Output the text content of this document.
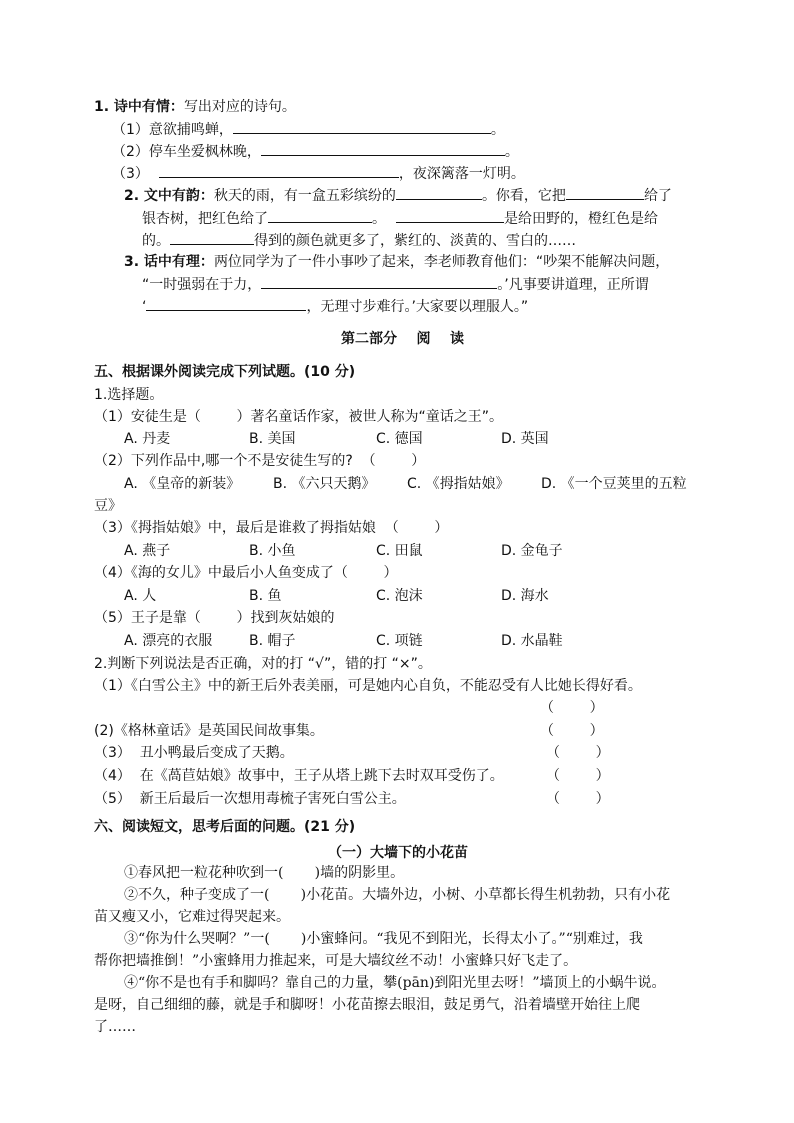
1. 诗中有情：写出对应的诗句。
（1）意欲捕鸣蝉，	。
（2）停车坐爱枫林晚，	。
（3）	，夜深篱落一灯明。
2. 文中有韵：秋天的雨，有一盒五彩缤纷的	。你看，它把	给了
银杏树，把红色给了	。	是给田野的，橙红色是给
的。	得到的颜色就更多了，紫红的、淡黄的、雪白的……
3. 话中有理：两位同学为了一件小事吵了起来，李老师教育他们：“吵架不能解决问题，
“一时强弱在于力，	。’凡事要讲道理，正所谓
‘	，无理寸步难行。’大家要以理服人。”
第二部分    阅    读
五、根据课外阅读完成下列试题。(10 分)
1.选择题。
（1）安徒生是（        ）著名童话作家，被世人称为“童话之王”。
A. 丹麦	B. 美国	C. 德国	D. 英国
（2）下列作品中,哪一个不是安徒生写的?  （        ）
A. 《皇帝的新装》 B. 《六只天鹅》 C. 《拇指姑娘》 D. 《一个豆荚里的五粒
豆》
（3）《拇指姑娘》中，最后是谁救了拇指姑娘  （        ）
A. 燕子	B. 小鱼	C. 田鼠	D. 金龟子
（4）《海的女儿》中最后小人鱼变成了（        ）
A. 人	B. 鱼	C. 泡沫	D. 海水
（5）王子是靠（        ）找到灰姑娘的
A. 漂亮的衣服	B. 帽子	C. 项链	D. 水晶鞋
2.判断下列说法是否正确，对的打 “√”，错的打 “×”。
（1）《白雪公主》中的新王后外表美丽，可是她内心自负，不能忍受有人比她长得好看。
（        ）
(2)《格林童话》是英国民间故事集。	（        ）
（3）  丑小鸭最后变成了天鹅。	（        ）
（4）  在《萵苣姑娘》故事中，王子从塔上跳下去时双耳受伤了。	（        ）
（5）  新王后最后一次想用毒梳子害死白雪公主。	（        ）
六、阅读短文，思考后面的问题。(21 分)
（一）大墙下的小花苗
①春风把一粒花种吹到一(       )墙的阴影里。
②不久，种子变成了一(       )小花苗。大墙外边，小树、小草都长得生机勃勃，只有小花
苗又瘦又小，它难过得哭起来。
③“你为什么哭啊？”一(       )小蜜蜂问。“我见不到阳光，长得太小了。”“别难过，我
帮你把墙推倒！”小蜜蜂用力推起来，可是大墙纹丝不动！小蜜蜂只好飞走了。
④“你不是也有手和脚吗？靠自己的力量，攀(pān)到阳光里去呀！”墙顶上的小蜗牛说。
是呀，自己细细的藤，就是手和脚呀！小花苗擦去眼泪，鼓足勇气，沿着墙壁开始往上爬
了……
